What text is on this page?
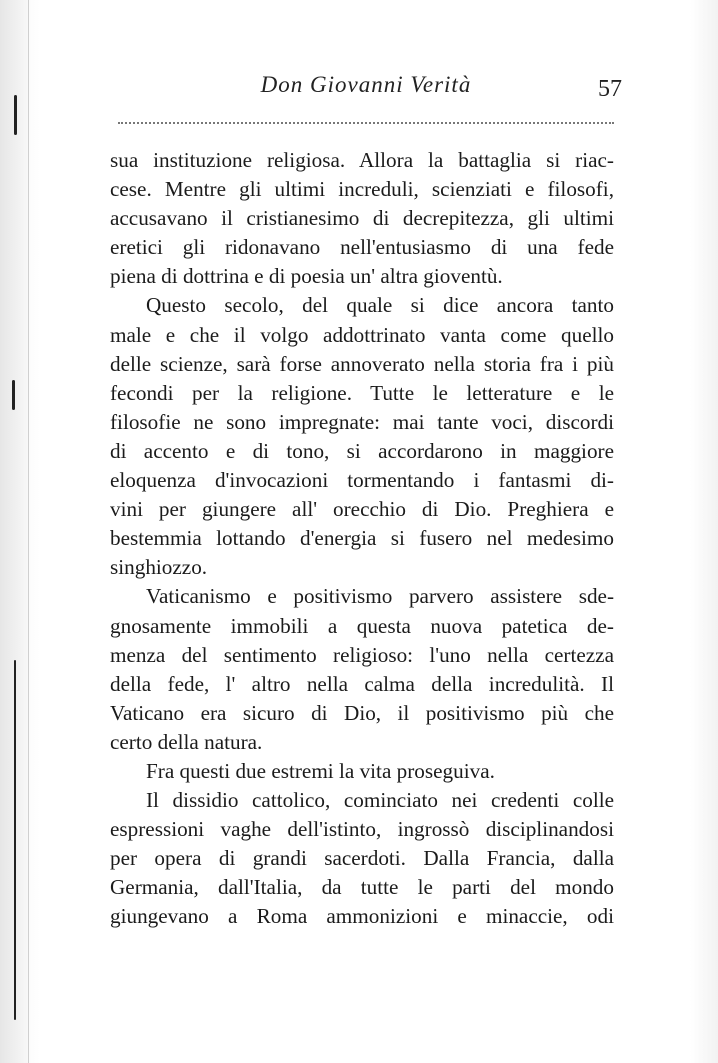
Don Giovanni Verità	57
sua instituzione religiosa. Allora la battaglia si riac-
cese. Mentre gli ultimi increduli, scienziati e filosofi,
accusavano il cristianesimo di decrepitezza, gli ultimi
eretici gli ridonavano nell'entusiasmo di una fede
piena di dottrina e di poesia un' altra gioventù.
Questo secolo, del quale si dice ancora tanto
male e che il volgo addottrinato vanta come quello
delle scienze, sarà forse annoverato nella storia fra i più
fecondi per la religione. Tutte le letterature e le
filosofie ne sono impregnate: mai tante voci, discordi
di accento e di tono, si accordarono in maggiore
eloquenza d'invocazioni tormentando i fantasmi di-
vini per giungere all' orecchio di Dio. Preghiera e
bestemmia lottando d'energia si fusero nel medesimo
singhiozzo.
Vaticanismo e positivismo parvero assistere sde-
gnosamente immobili a questa nuova patetica de-
menza del sentimento religioso: l'uno nella certezza
della fede, l' altro nella calma della incredulità. Il
Vaticano era sicuro di Dio, il positivismo più che
certo della natura.
Fra questi due estremi la vita proseguiva.
Il dissidio cattolico, cominciato nei credenti colle
espressioni vaghe dell'istinto, ingrossò disciplinandosi
per opera di grandi sacerdoti. Dalla Francia, dalla
Germania, dall'Italia, da tutte le parti del mondo
giungevano a Roma ammonizioni e minaccie, odi
